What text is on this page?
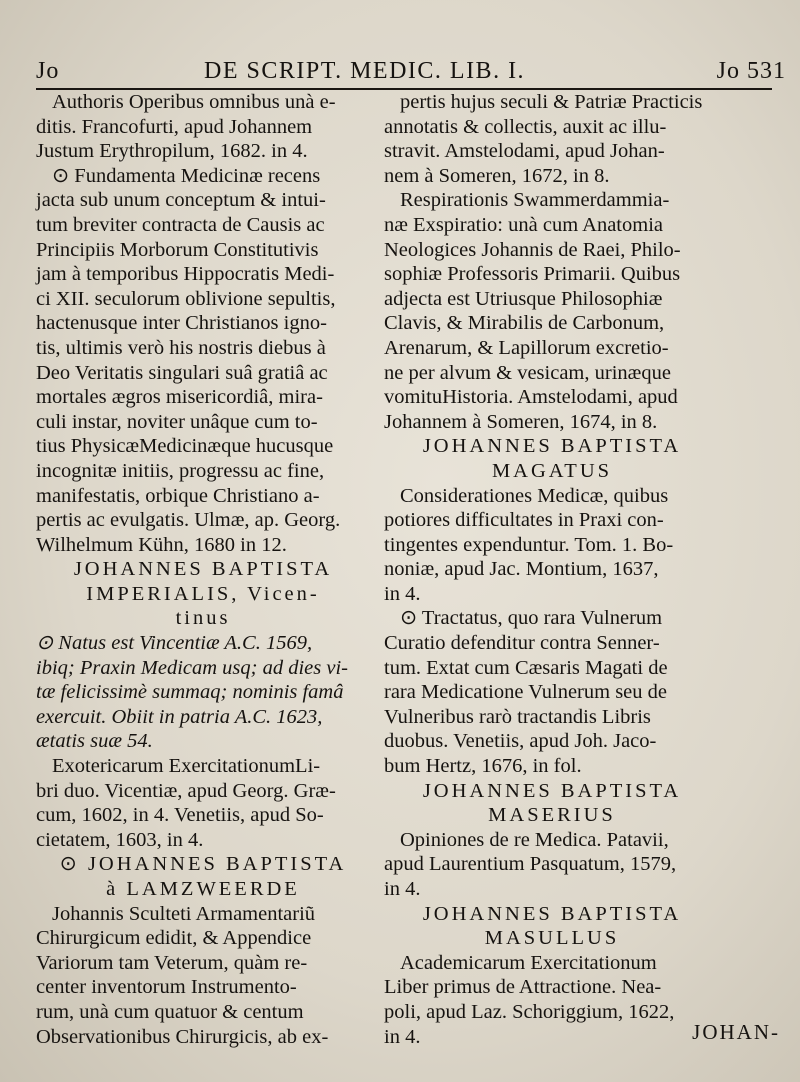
Jo	DE SCRIPT. MEDIC. LIB. I.	Jo 531
Authoris Operibus omnibus unà e-
ditis. Francofurti, apud Johannem
Justum Erythropilum, 1682. in 4.
⊙ Fundamenta Medicinæ recens
jacta sub unum conceptum & intui-
tum breviter contracta de Causis ac
Principiis Morborum Constitutivis
jam à temporibus Hippocratis Medi-
ci XII. seculorum oblivione sepultis,
hactenusque inter Christianos igno-
tis, ultimis verò his nostris diebus à
Deo Veritatis singulari suâ gratiâ ac
mortales ægros misericordiâ, mira-
culi instar, noviter unâque cum to-
tius PhysicæMedicinæque hucusque
incognitæ initiis, progressu ac fine,
manifestatis, orbique Christiano a-
pertis ac evulgatis. Ulmæ, ap. Georg.
Wilhelmum Kühn, 1680 in 12.
JOHANNES BAPTISTA
IMPERIALIS, Vicen-
tinus
⊙ Natus est Vincentiæ A.C. 1569,
ibiq; Praxin Medicam usq; ad dies vi-
tæ felicissimè summaq; nominis famâ
exercuit. Obiit in patria A.C. 1623,
ætatis suæ 54.
Exotericarum ExercitationumLi-
bri duo. Vicentiæ, apud Georg. Græ-
cum, 1602, in 4. Venetiis, apud So-
cietatem, 1603, in 4.
⊙ JOHANNES BAPTISTA
à LAMZWEERDE
Johannis Sculteti Armamentariũ
Chirurgicum edidit, & Appendice
Variorum tam Veterum, quàm re-
center inventorum Instrumento-
rum, unà cum quatuor & centum
Observationibus Chirurgicis, ab ex-
pertis hujus seculi & Patriæ Practicis
annotatis & collectis, auxit ac illu-
stravit. Amstelodami, apud Johan-
nem à Someren, 1672, in 8.
Respirationis Swammerdammia-
næ Exspiratio: unà cum Anatomia
Neologices Johannis de Raei, Philo-
sophiæ Professoris Primarii. Quibus
adjecta est Utriusque Philosophiæ
Clavis, & Mirabilis de Carbonum,
Arenarum, & Lapillorum excretio-
ne per alvum & vesicam, urinæque
vomituHistoria. Amstelodami, apud
Johannem à Someren, 1674, in 8.
JOHANNES BAPTISTA
MAGATUS
Considerationes Medicæ, quibus
potiores difficultates in Praxi con-
tingentes expenduntur. Tom. 1. Bo-
noniæ, apud Jac. Montium, 1637,
in 4.
⊙ Tractatus, quo rara Vulnerum
Curatio defenditur contra Senner-
tum. Extat cum Cæsaris Magati de
rara Medicatione Vulnerum seu de
Vulneribus rarò tractandis Libris
duobus. Venetiis, apud Joh. Jaco-
bum Hertz, 1676, in fol.
JOHANNES BAPTISTA
MASERIUS
Opiniones de re Medica. Patavii,
apud Laurentium Pasquatum, 1579,
in 4.
JOHANNES BAPTISTA
MASULLUS
Academicarum Exercitationum
Liber primus de Attractione. Nea-
poli, apud Laz. Schoriggium, 1622,
in 4.	JOHAN-
